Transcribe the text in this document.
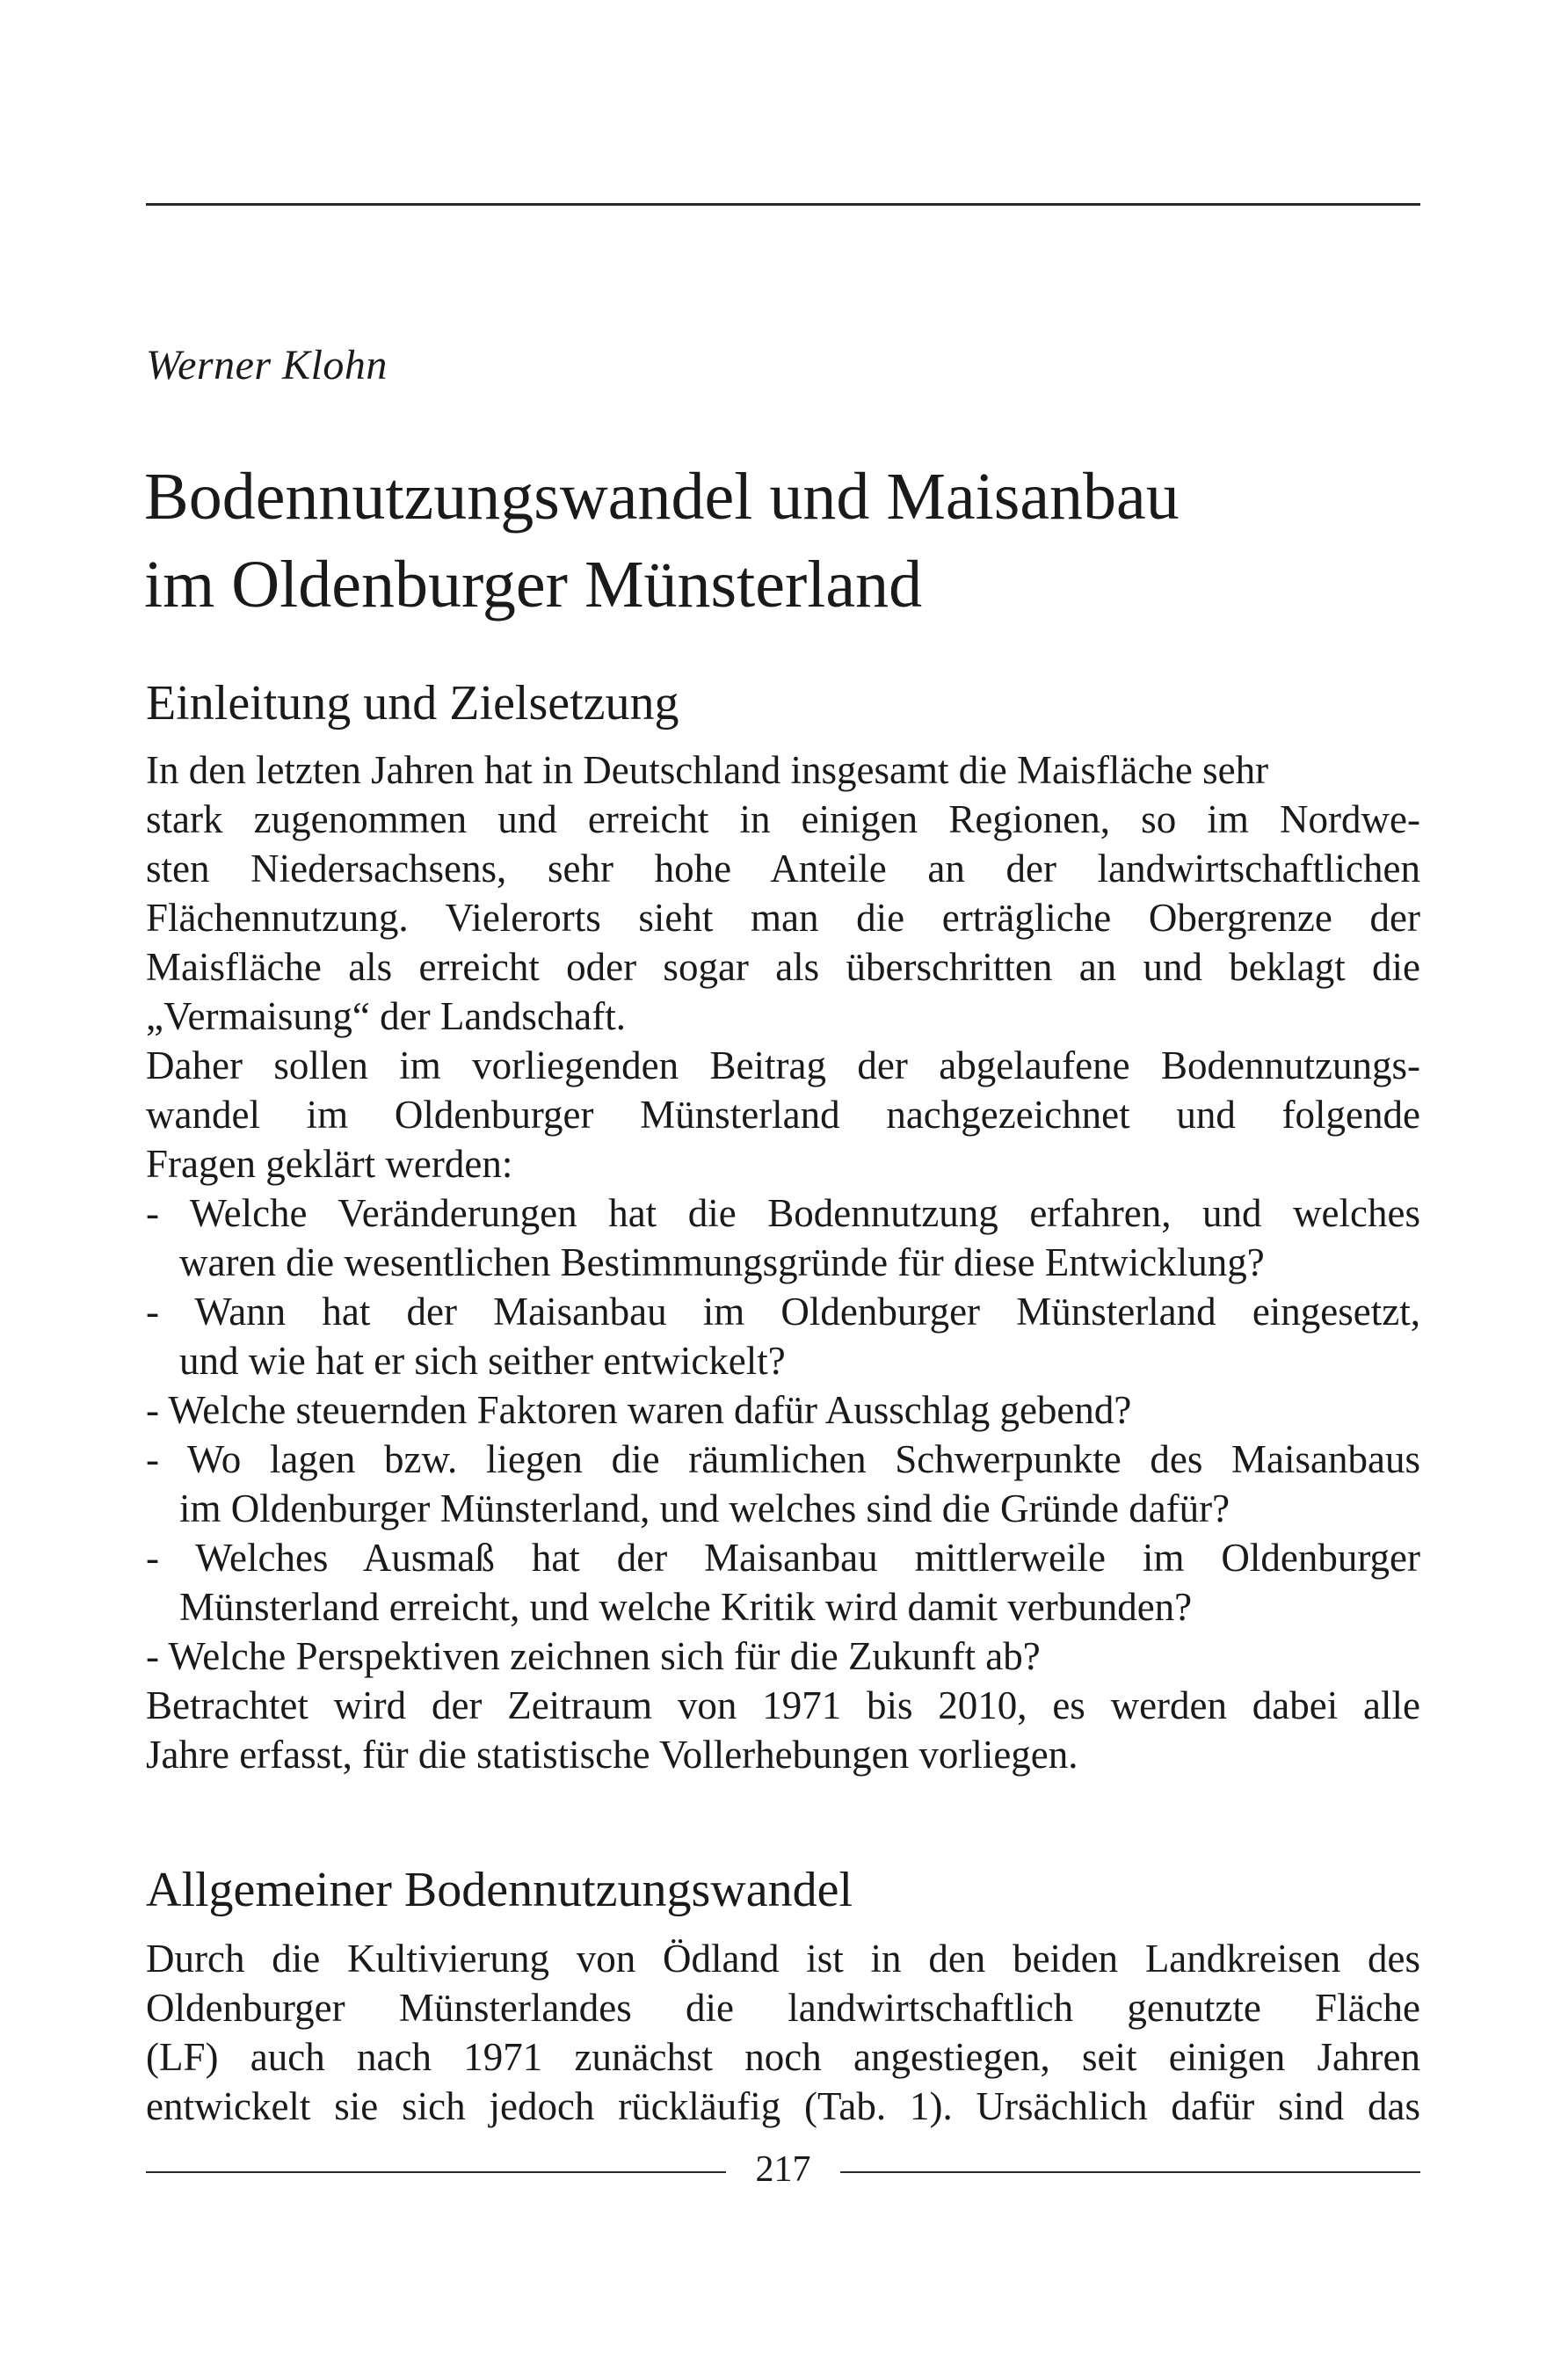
Werner Klohn
Bodennutzungswandel und Maisanbau
im Oldenburger Münsterland
Einleitung und Zielsetzung
In den letzten Jahren hat in Deutschland insgesamt die Maisfläche sehr
stark zugenommen und erreicht in einigen Regionen, so im Nordwe-
sten Niedersachsens, sehr hohe Anteile an der landwirtschaftlichen
Flächennutzung. Vielerorts sieht man die erträgliche Obergrenze der
Maisfläche als erreicht oder sogar als überschritten an und beklagt die
„Vermaisung“ der Landschaft.
Daher sollen im vorliegenden Beitrag der abgelaufene Bodennutzungs-
wandel im Oldenburger Münsterland nachgezeichnet und folgende
Fragen geklärt werden:
- Welche Veränderungen hat die Bodennutzung erfahren, und welches
waren die wesentlichen Bestimmungsgründe für diese Entwicklung?
- Wann hat der Maisanbau im Oldenburger Münsterland eingesetzt,
und wie hat er sich seither entwickelt?
- Welche steuernden Faktoren waren dafür Ausschlag gebend?
- Wo lagen bzw. liegen die räumlichen Schwerpunkte des Maisanbaus
im Oldenburger Münsterland, und welches sind die Gründe dafür?
- Welches Ausmaß hat der Maisanbau mittlerweile im Oldenburger
Münsterland erreicht, und welche Kritik wird damit verbunden?
- Welche Perspektiven zeichnen sich für die Zukunft ab?
Betrachtet wird der Zeitraum von 1971 bis 2010, es werden dabei alle
Jahre erfasst, für die statistische Vollerhebungen vorliegen.
Allgemeiner Bodennutzungswandel
Durch die Kultivierung von Ödland ist in den beiden Landkreisen des
Oldenburger Münsterlandes die landwirtschaftlich genutzte Fläche
(LF) auch nach 1971 zunächst noch angestiegen, seit einigen Jahren
entwickelt sie sich jedoch rückläufig (Tab. 1). Ursächlich dafür sind das
217
